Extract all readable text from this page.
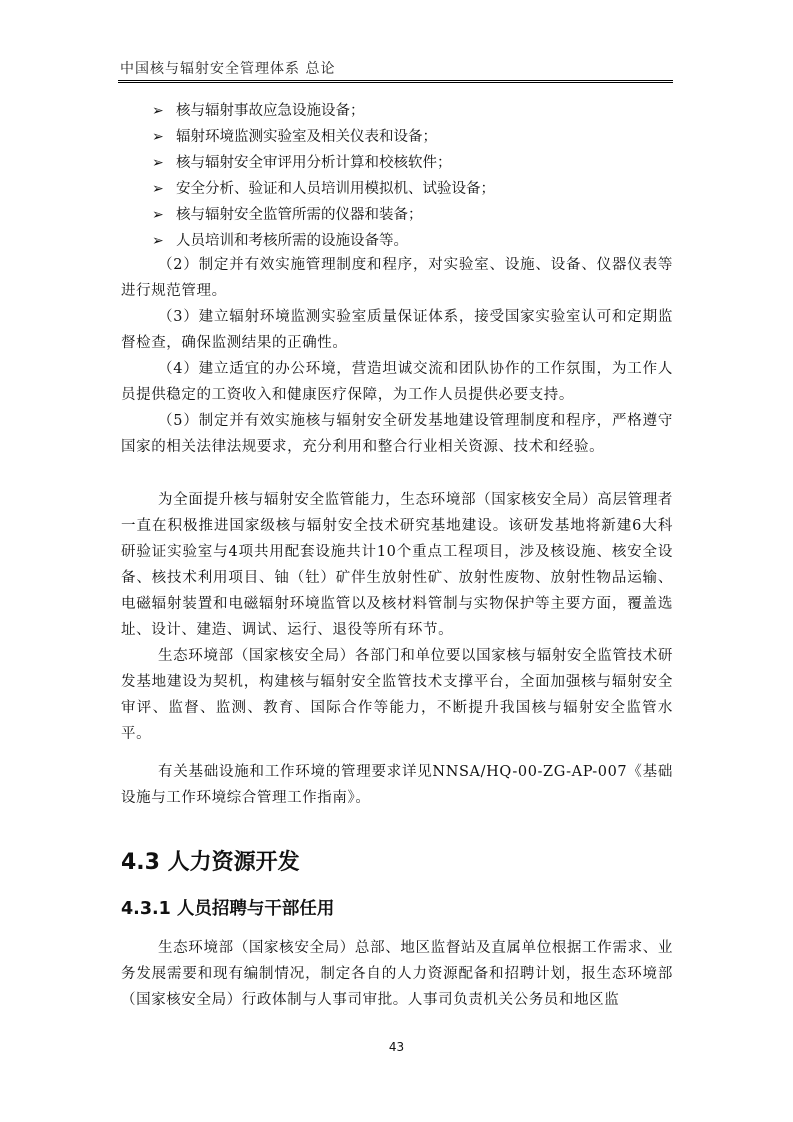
中国核与辐射安全管理体系 总论
➢ 核与辐射事故应急设施设备；
➢ 辐射环境监测实验室及相关仪表和设备；
➢ 核与辐射安全审评用分析计算和校核软件；
➢ 安全分析、验证和人员培训用模拟机、试验设备；
➢ 核与辐射安全监管所需的仪器和装备；
➢ 人员培训和考核所需的设施设备等。

（2）制定并有效实施管理制度和程序，对实验室、设施、设备、仪器仪表等进行规范管理。

（3）建立辐射环境监测实验室质量保证体系，接受国家实验室认可和定期监督检查，确保监测结果的正确性。

（4）建立适宜的办公环境，营造坦诚交流和团队协作的工作氛围，为工作人员提供稳定的工资收入和健康医疗保障，为工作人员提供必要支持。

（5）制定并有效实施核与辐射安全研发基地建设管理制度和程序，严格遵守国家的相关法律法规要求，充分利用和整合行业相关资源、技术和经验。

为全面提升核与辐射安全监管能力，生态环境部（国家核安全局）高层管理者一直在积极推进国家级核与辐射安全技术研究基地建设。该研发基地将新建6大科研验证实验室与4项共用配套设施共计10个重点工程项目，涉及核设施、核安全设备、核技术利用项目、铀（钍）矿伴生放射性矿、放射性废物、放射性物品运输、电磁辐射装置和电磁辐射环境监管以及核材料管制与实物保护等主要方面，覆盖选址、设计、建造、调试、运行、退役等所有环节。

生态环境部（国家核安全局）各部门和单位要以国家核与辐射安全监管技术研发基地建设为契机，构建核与辐射安全监管技术支撑平台，全面加强核与辐射安全审评、监督、监测、教育、国际合作等能力，不断提升我国核与辐射安全监管水平。

有关基础设施和工作环境的管理要求详见NNSA/HQ-00-ZG-AP-007《基础设施与工作环境综合管理工作指南》。

4.3 人力资源开发
4.3.1 人员招聘与干部任用

生态环境部（国家核安全局）总部、地区监督站及直属单位根据工作需求、业务发展需要和现有编制情况，制定各自的人力资源配备和招聘计划，报生态环境部（国家核安全局）行政体制与人事司审批。人事司负责机关公务员和地区监

43
